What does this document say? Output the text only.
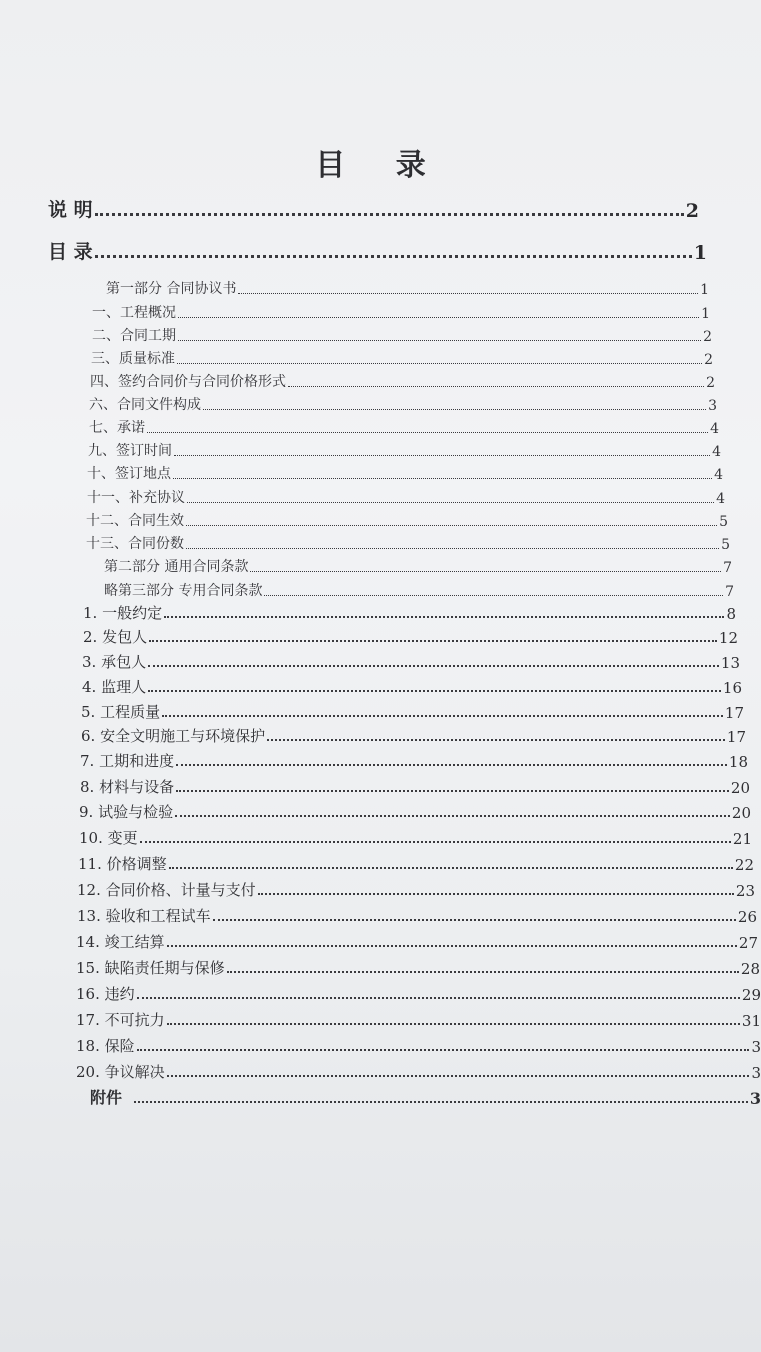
目 录
说 明	2
目 录	1
第一部分 合同协议书	1
一、工程概况	1
二、合同工期	2
三、质量标准	2
四、签约合同价与合同价格形式	2
六、合同文件构成	3
七、承诺	4
九、签订时间	4
十、签订地点	4
十一、补充协议	4
十二、合同生效	5
十三、合同份数	5
第二部分 通用合同条款	7
略第三部分 专用合同条款	7
1. 一般约定	8
2. 发包人	12
3. 承包人	13
4. 监理人	16
5. 工程质量	17
6. 安全文明施工与环境保护	17
7. 工期和进度	18
8. 材料与设备	20
9. 试验与检验	20
10. 变更	21
11. 价格调整	22
12. 合同价格、计量与支付	23
13. 验收和工程试车	26
14. 竣工结算	27
15. 缺陷责任期与保修	28
16. 违约	29
17. 不可抗力	31
18. 保险	3
20. 争议解决	3
附件	3
